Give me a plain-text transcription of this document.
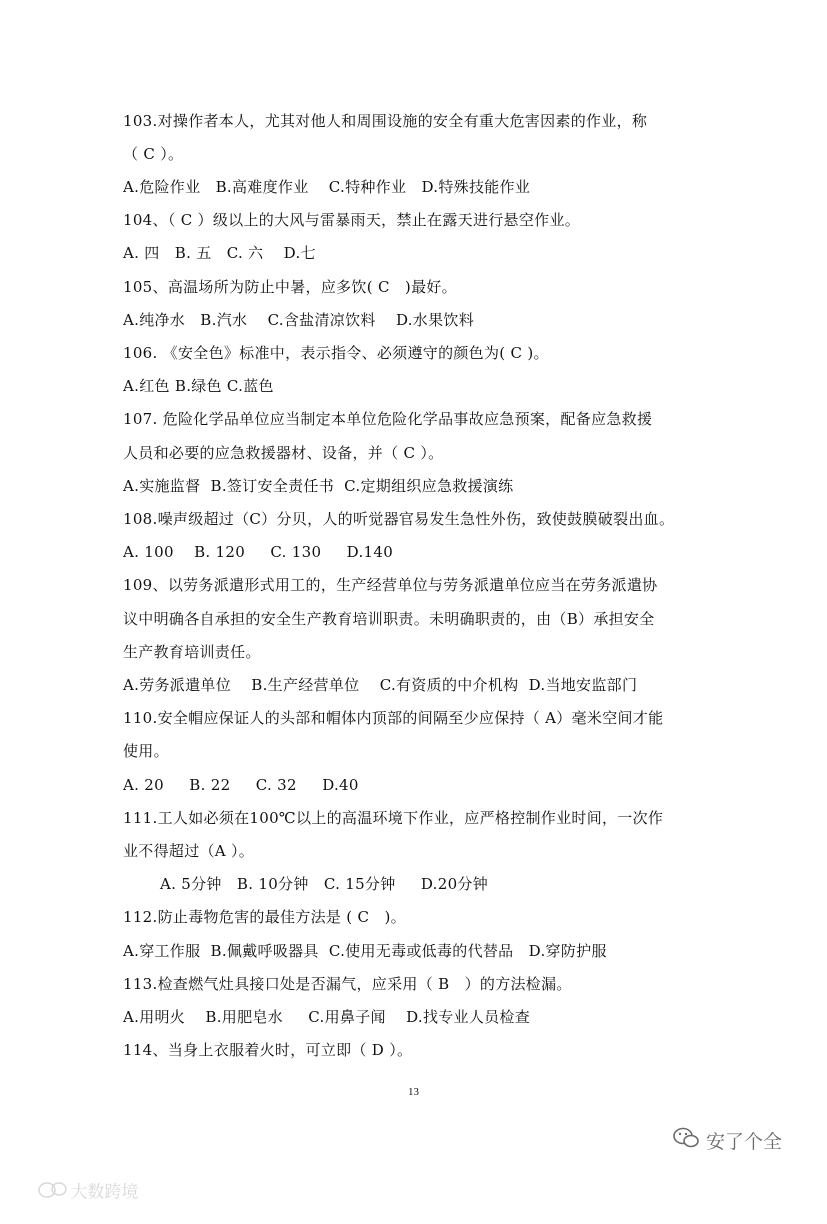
103.对操作者本人，尤其对他人和周围设施的安全有重大危害因素的作业，称
（ C ）。
A.危险作业   B.高难度作业    C.特种作业   D.特殊技能作业
104、（ C ）级以上的大风与雷暴雨天，禁止在露天进行悬空作业。
A. 四   B. 五   C. 六    D.七
105、高温场所为防止中暑，应多饮( C   )最好。
A.纯净水   B.汽水    C.含盐清凉饮料    D.水果饮料
106. 《安全色》标准中，表示指令、必须遵守的颜色为( C )。
A.红色 B.绿色 C.蓝色
107. 危险化学品单位应当制定本单位危险化学品事故应急预案，配备应急救援
人员和必要的应急救援器材、设备，并（ C ）。
A.实施监督  B.签订安全责任书  C.定期组织应急救援演练
108.噪声级超过（C）分贝，人的听觉器官易发生急性外伤，致使鼓膜破裂出血。
A. 100    B. 120     C. 130     D.140
109、以劳务派遣形式用工的，生产经营单位与劳务派遣单位应当在劳务派遣协
议中明确各自承担的安全生产教育培训职责。未明确职责的，由（B）承担安全
生产教育培训责任。
A.劳务派遣单位    B.生产经营单位    C.有资质的中介机构  D.当地安监部门
110.安全帽应保证人的头部和帽体内顶部的间隔至少应保持（ A）毫米空间才能
使用。
A. 20     B. 22     C. 32     D.40
111.工人如必须在100℃以上的高温环境下作业，应严格控制作业时间，一次作
业不得超过（A ）。
A. 5分钟   B. 10分钟   C. 15分钟     D.20分钟
112.防止毒物危害的最佳方法是 ( C   )。
A.穿工作服  B.佩戴呼吸器具  C.使用无毒或低毒的代替品   D.穿防护服
113.检查燃气灶具接口处是否漏气，应采用（ B   ）的方法检漏。
A.用明火    B.用肥皂水     C.用鼻子闻    D.找专业人员检查
114、当身上衣服着火时，可立即（ D ）。
13

大数跨境

安了个全
